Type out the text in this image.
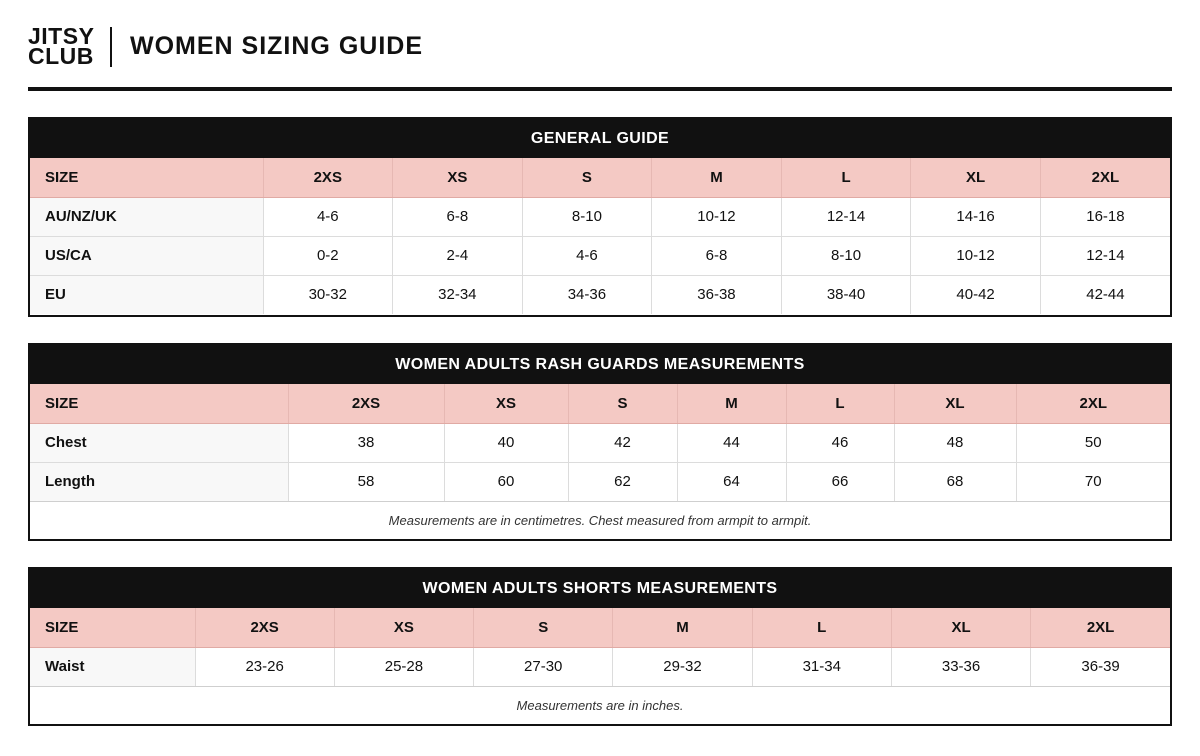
JITSY
CLUB WOMEN SIZING GUIDE
GENERAL GUIDE
SIZE	2XS	XS	S	M	L	XL	2XL
AU/NZ/UK	4-6	6-8	8-10	10-12	12-14	14-16	16-18
US/CA	0-2	2-4	4-6	6-8	8-10	10-12	12-14
EU	30-32	32-34	34-36	36-38	38-40	40-42	42-44
WOMEN ADULTS RASH GUARDS MEASUREMENTS
SIZE	2XS	XS	S	M	L	XL	2XL
Chest	38	40	42	44	46	48	50
Length	58	60	62	64	66	68	70
Measurements are in centimetres. Chest measured from armpit to armpit.
WOMEN ADULTS SHORTS MEASUREMENTS
SIZE	2XS	XS	S	M	L	XL	2XL
Waist	23-26	25-28	27-30	29-32	31-34	33-36	36-39
Measurements are in inches.
